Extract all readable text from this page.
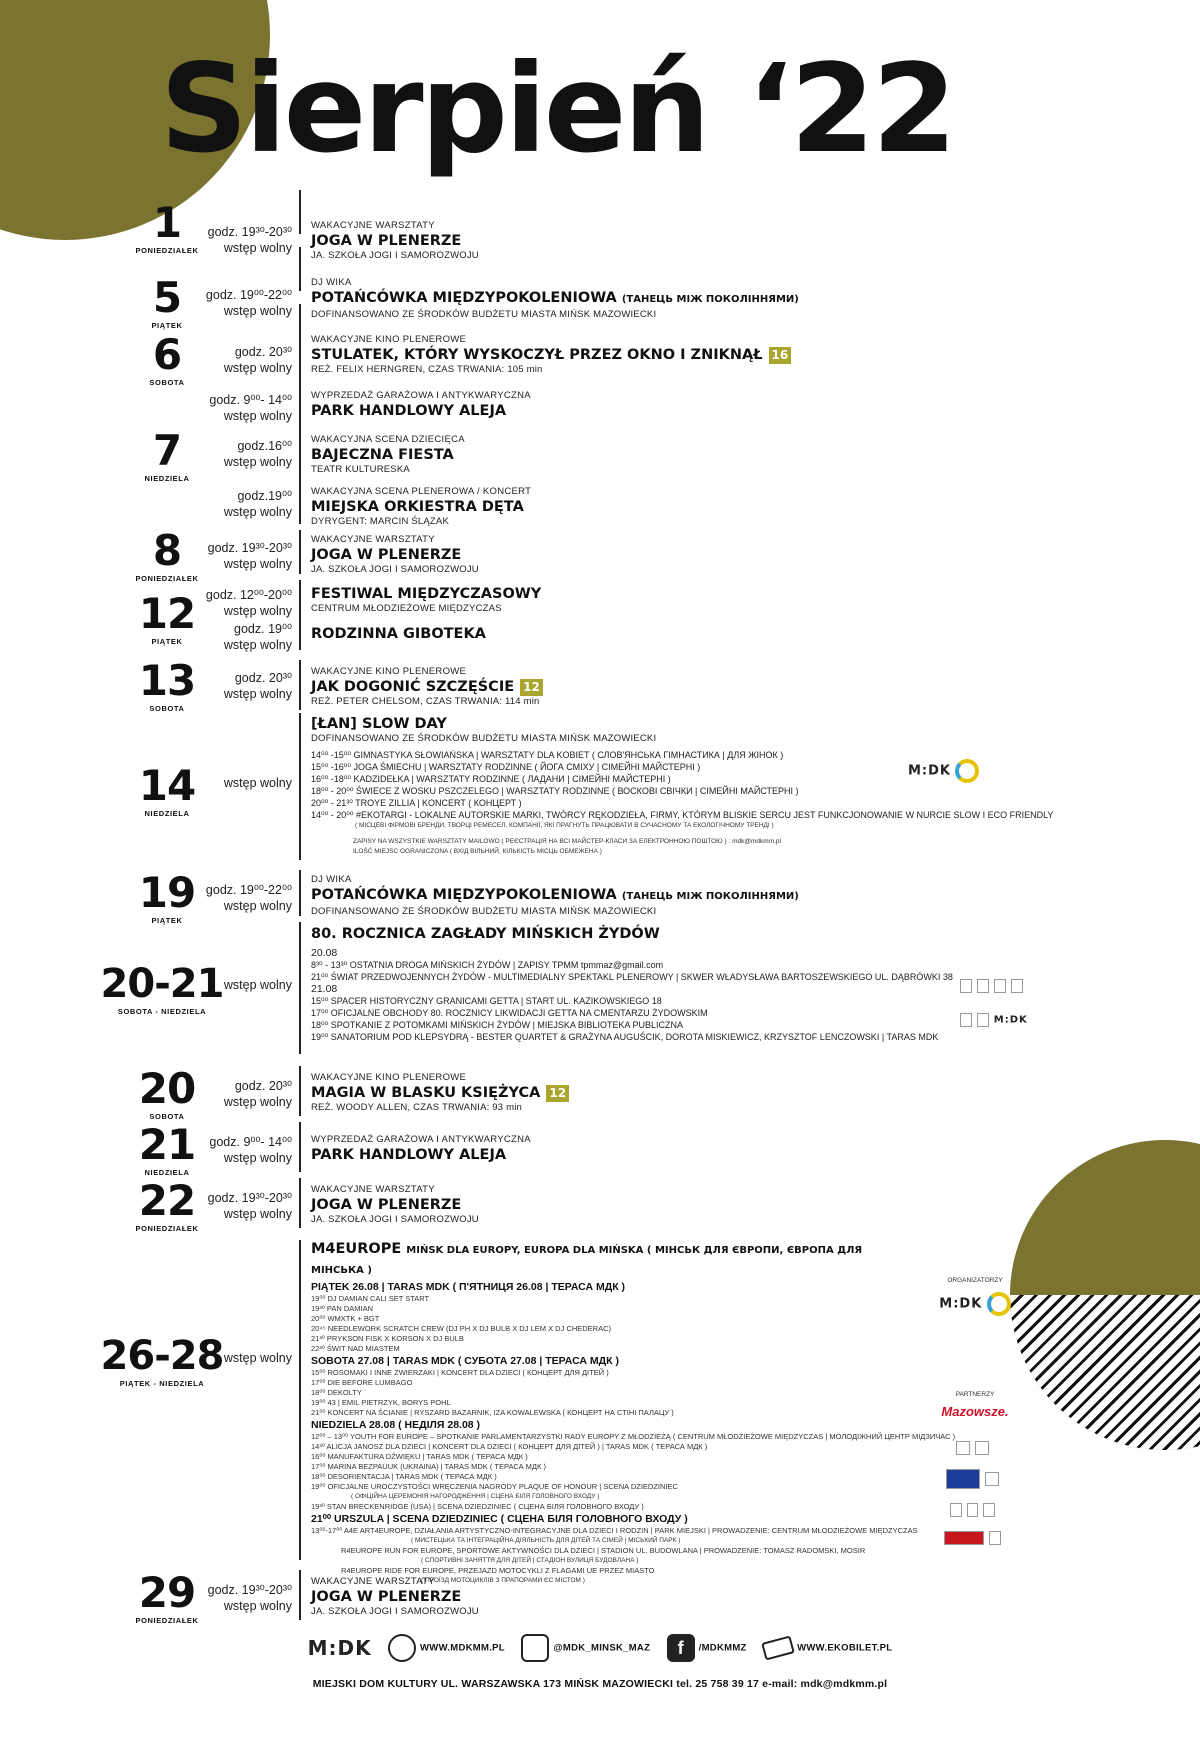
Sierpień ‘22
1
PONIEDZIAŁEK
godz. 19³⁰-20³⁰
wstęp wolny
WAKACYJNE WARSZTATY
JOGA W PLENERZE
JA. SZKOŁA JOGI I SAMOROZWOJU
5
PIĄTEK
godz. 19⁰⁰-22⁰⁰
wstęp wolny
DJ WIKA
POTAŃCÓWKA MIĘDZYPOKOLENIOWA (ТАНЕЦЬ МІЖ ПОКОЛІННЯМИ)
DOFINANSOWANO ZE ŚRODKÓW BUDŻETU MIASTA MIŃSK MAZOWIECKI
6
SOBOTA
godz. 20³⁰
wstęp wolny
WAKACYJNE KINO PLENEROWE
STULATEK, KTÓRY WYSKOCZYŁ PRZEZ OKNO I ZNIKNĄŁ 16
REŻ. FELIX HERNGREN, CZAS TRWANIA: 105 min
7
NIEDZIELA
godz. 9⁰⁰- 14⁰⁰
wstęp wolny
WYPRZEDAŻ GARAŻOWA I ANTYKWARYCZNA
PARK HANDLOWY ALEJA
godz.16⁰⁰
wstęp wolny
WAKACYJNA SCENA DZIECIĘCA
BAJECZNA FIESTA
TEATR KULTURESKA
godz.19⁰⁰
wstęp wolny
WAKACYJNA SCENA PLENEROWA / KONCERT
MIEJSKA ORKIESTRA DĘTA
DYRYGENT: MARCIN ŚLĄZAK
8
PONIEDZIAŁEK
godz. 19³⁰-20³⁰
wstęp wolny
WAKACYJNE WARSZTATY
JOGA W PLENERZE
JA. SZKOŁA JOGI I SAMOROZWOJU
12
PIĄTEK
godz. 12⁰⁰-20⁰⁰
wstęp wolny
FESTIWAL MIĘDZYCZASOWY
CENTRUM MŁODZIEŻOWE MIĘDZYCZAS
godz. 19⁰⁰
wstęp wolny
RODZINNA GIBOTEKA
13
SOBOTA
godz. 20³⁰
wstęp wolny
WAKACYJNE KINO PLENEROWE
JAK DOGONIĆ SZCZĘŚCIE 12
REŻ. PETER CHELSOM, CZAS TRWANIA: 114 min
14
NIEDZIELA
wstęp wolny
[ŁAN] SLOW DAY
DOFINANSOWANO ZE ŚRODKÓW BUDŻETU MIASTA MIŃSK MAZOWIECKI
14⁰⁰ -15⁰⁰ GIMNASTYKA SŁOWIAŃSKA | WARSZTATY DLA KOBIET ( СЛОВ'ЯНСЬКА ГІМНАСТИКА | ДЛЯ ЖІНОК )
15⁰⁰ -16⁰⁰ JOGA ŚMIECHU | WARSZTATY RODZINNE ( ЙОГА СМІХУ | СІМЕЙНІ МАЙСТЕРНІ )
16⁰⁰ -18⁰⁰ KADZIDEŁKA | WARSZTATY RODZINNE ( ЛАДАНИ | СІМЕЙНІ МАЙСТЕРНІ )
18⁰⁰ - 20⁰⁰ ŚWIECE Z WOSKU PSZCZELEGO | WARSZTATY RODZINNE ( ВОСКОВІ СВІЧКИ | СІМЕЙНІ МАЙСТЕРНІ )
20⁰⁰ - 21³⁰ TROYE ZILLIA | KONCERT ( КОНЦЕРТ )
14⁰⁰ - 20⁰⁰ #EKOTARGI - LOKALNE AUTORSKIE MARKI, TWÓRCY RĘKODZIEŁA, FIRMY, KTÓRYM BLISKIE SERCU JEST FUNKCJONOWANIE W NURCIE SLOW I ECO FRIENDLY
( МІСЦЕВІ ФІРМОВІ БРЕНДИ, ТВОРЦІ РЕМЕСЕЛ, КОМПАНІЇ, ЯКІ ПРАГНУТЬ ПРАЦЮВАТИ В СУЧАСНОМУ ТА ЕКОЛОГІЧНОМУ ТРЕНДІ )
ZAPISY NA WSZYSTKIE WARSZTATY MAILOWO ( РЕЄСТРАЦІЯ НА ВСІ МАЙСТЕР-КЛАСИ ЗА ЕЛЕКТРОННОЮ ПОШТОЮ ) : mdk@mdkmm.pl
ILOŚĆ MIEJSC OGRANICZONA ( ВХІД ВІЛЬНИЙ, КІЛЬКІСТЬ МІСЦЬ ОБМЕЖЕНА )
M:DK
19
PIĄTEK
godz. 19⁰⁰-22⁰⁰
wstęp wolny
DJ WIKA
POTAŃCÓWKA MIĘDZYPOKOLENIOWA (ТАНЕЦЬ МІЖ ПОКОЛІННЯМИ)
DOFINANSOWANO ZE ŚRODKÓW BUDŻETU MIASTA MIŃSK MAZOWIECKI
20-21
SOBOTA - NIEDZIELA
wstęp wolny
80. ROCZNICA ZAGŁADY MIŃSKICH ŻYDÓW
20.08
8³⁰ - 13³⁰ OSTATNIA DROGA MIŃSKICH ŻYDÓW | ZAPISY TPMM tpmmaz@gmail.com
21⁰⁰ ŚWIAT PRZEDWOJENNYCH ŻYDÓW - MULTIMEDIALNY SPEKTAKL PLENEROWY | SKWER WŁADYSŁAWA BARTOSZEWSKIEGO UL. DĄBRÓWKI 38
21.08
15⁰⁰ SPACER HISTORYCZNY GRANICAMI GETTA | START UL. KAZIKOWSKIEGO 18
17⁰⁰ OFICJALNE OBCHODY 80. ROCZNICY LIKWIDACJI GETTA NA CMENTARZU ŻYDOWSKIM
18⁰⁰ SPOTKANIE Z POTOMKAMI MIŃSKICH ŻYDÓW | MIEJSKA BIBLIOTEKA PUBLICZNA
19⁰⁰ SANATORIUM POD KLEPSYDRĄ - BESTER QUARTET & GRAŻYNA AUGUŚCIK, DOROTA MISKIEWICZ, KRZYSZTOF LENCZOWSKI | TARAS MDK

M:DK
20
SOBOTA
godz. 20³⁰
wstęp wolny
WAKACYJNE KINO PLENEROWE
MAGIA W BLASKU KSIĘŻYCA 12
REŻ. WOODY ALLEN, CZAS TRWANIA: 93 min
21
NIEDZIELA
godz. 9⁰⁰- 14⁰⁰
wstęp wolny
WYPRZEDAŻ GARAŻOWA I ANTYKWARYCZNA
PARK HANDLOWY ALEJA
22
PONIEDZIAŁEK
godz. 19³⁰-20³⁰
wstęp wolny
WAKACYJNE WARSZTATY
JOGA W PLENERZE
JA. SZKOŁA JOGI I SAMOROZWOJU
26-28
PIĄTEK - NIEDZIELA
wstęp wolny
M4EUROPE MIŃSK DLA EUROPY, EUROPA DLA MIŃSKA ( МІНСЬК ДЛЯ ЄВРОПИ, ЄВРОПА ДЛЯ МІНСЬКА )
PIĄTEK 26.08 | TARAS MDK ( П'ЯТНИЦЯ 26.08 | ТЕРАСА МДК )
19⁰⁰ DJ DAMIAN CALI SET START
19³⁰ PAN DAMIAN
20⁰⁰ WMXTK + BGT
20⁴⁵ NEEDLEWORK SCRATCH CREW (DJ PH X DJ BULB X DJ LEM X DJ CHEDERAC)
21³⁰ PRYKSON FISK X KORSON X DJ BULB
22³⁰ ŚWIT NAD MIASTEM
SOBOTA 27.08 | TARAS MDK ( СУБОТА 27.08 | ТЕРАСА МДК )
15⁰⁰ ROSOMAKI I INNE ZWIERZAKI | KONCERT DLA DZIECI ( КОНЦЕРТ ДЛЯ ДІТЕЙ )
17⁰⁰ DIE BEFORE LUMBAGO
18⁰⁰ DEKOLTY
19⁰⁰ 43 | EMIL PIETRZYK, BORYS POHL
21⁰⁰ KONCERT NA ŚCIANIE | RYSZARD BAZARNIK, IZA KOWALEWSKA ( КОНЦЕРТ НА СТІНІ ПАЛАЦУ )
NIEDZIELA 28.08 ( НЕДІЛЯ 28.08 )
12⁰⁰ – 13⁰⁰ YOUTH FOR EUROPE – SPOTKANIE PARLAMENTARZYSTKI RADY EUROPY Z MŁODZIEŻĄ ( CENTRUM MŁODZIEŻOWE MIĘDZYCZAS | МОЛОДІЖНИЙ ЦЕНТР МІДЗИЧАС )
14³⁰ ALICJA JANOSZ DLA DZIECI | KONCERT DLA DZIECI ( КОНЦЕРТ ДЛЯ ДІТЕЙ ) | TARAS MDK ( ТЕРАСА МДК )
16⁰⁰ MANUFAKTURA DŹWIĘKU | TARAS MDK ( ТЕРАСА МДК )
17⁰⁰ MARINA BEZPAUUK (UKRAINA) | TARAS MDK ( ТЕРАСА МДК )
18⁰⁰ DESORIENTACJA | TARAS MDK ( ТЕРАСА МДК )
19⁰⁰ OFICJALNE UROCZYSTOŚCI WRĘCZENIA NAGRODY PLAQUE OF HONOUR | SCENA DZIEDZINIEC
( ОФІЦІЙНА ЦЕРЕМОНІЯ НАГОРОДЖЕННЯ | СЦЕНА БІЛЯ ГОЛОВНОГО ВХОДУ )
19³⁰ STAN BRECKENRIDGE (USA) | SCENA DZIEDZINIEC ( СЦЕНА БІЛЯ ГОЛОВНОГО ВХОДУ )
21⁰⁰ URSZULA | SCENA DZIEDZINIEC ( СЦЕНА БІЛЯ ГОЛОВНОГО ВХОДУ )
13⁰⁰-17⁰⁰ A4E ART4EUROPE, DZIAŁANIA ARTYSTYCZNO-INTEGRACYJNE DLA DZIECI I RODZIN | PARK MIEJSKI | PROWADZENIE: CENTRUM MŁODZIEŻOWE MIĘDZYCZAS
( МИСТЕЦЬКА ТА ІНТЕГРАЦІЙНА ДІЯЛЬНІСТЬ ДЛЯ ДІТЕЙ ТА СІМЕЙ | МІСЬКИЙ ПАРК )
R4EUROPE RUN FOR EUROPE, SPORTOWE AKTYWNOŚCI DLA DZIECI | STADION UL. BUDOWLANA | PROWADZENIE: TOMASZ RADOMSKI, MOSIR
( СПОРТИВНІ ЗАНЯТТЯ ДЛЯ ДІТЕЙ | СТАДІОН ВУЛИЦЯ БУДОВЛАНА )
R4EUROPE RIDE FOR EUROPE, PRZEJAZD MOTOCYKLI Z FLAGAMI UE PRZEZ MIASTO
( ПРОЇЗД МОТОЦИКЛІВ З ПРАПОРАМИ ЄС МІСТОМ )
ORGANIZATORZY
M:DK
PARTNERZY
Mazowsze.

29
PONIEDZIAŁEK
godz. 19³⁰-20³⁰
wstęp wolny
WAKACYJNE WARSZTATY
JOGA W PLENERZE
JA. SZKOŁA JOGI I SAMOROZWOJU
M:DK	WWW.MDKMM.PL	@MDK_MINSK_MAZ f /MDKMMZ	WWW.EKOBILET.PL
MIEJSKI DOM KULTURY UL. WARSZAWSKA 173 MIŃSK MAZOWIECKI tel. 25 758 39 17 e-mail: mdk@mdkmm.pl
